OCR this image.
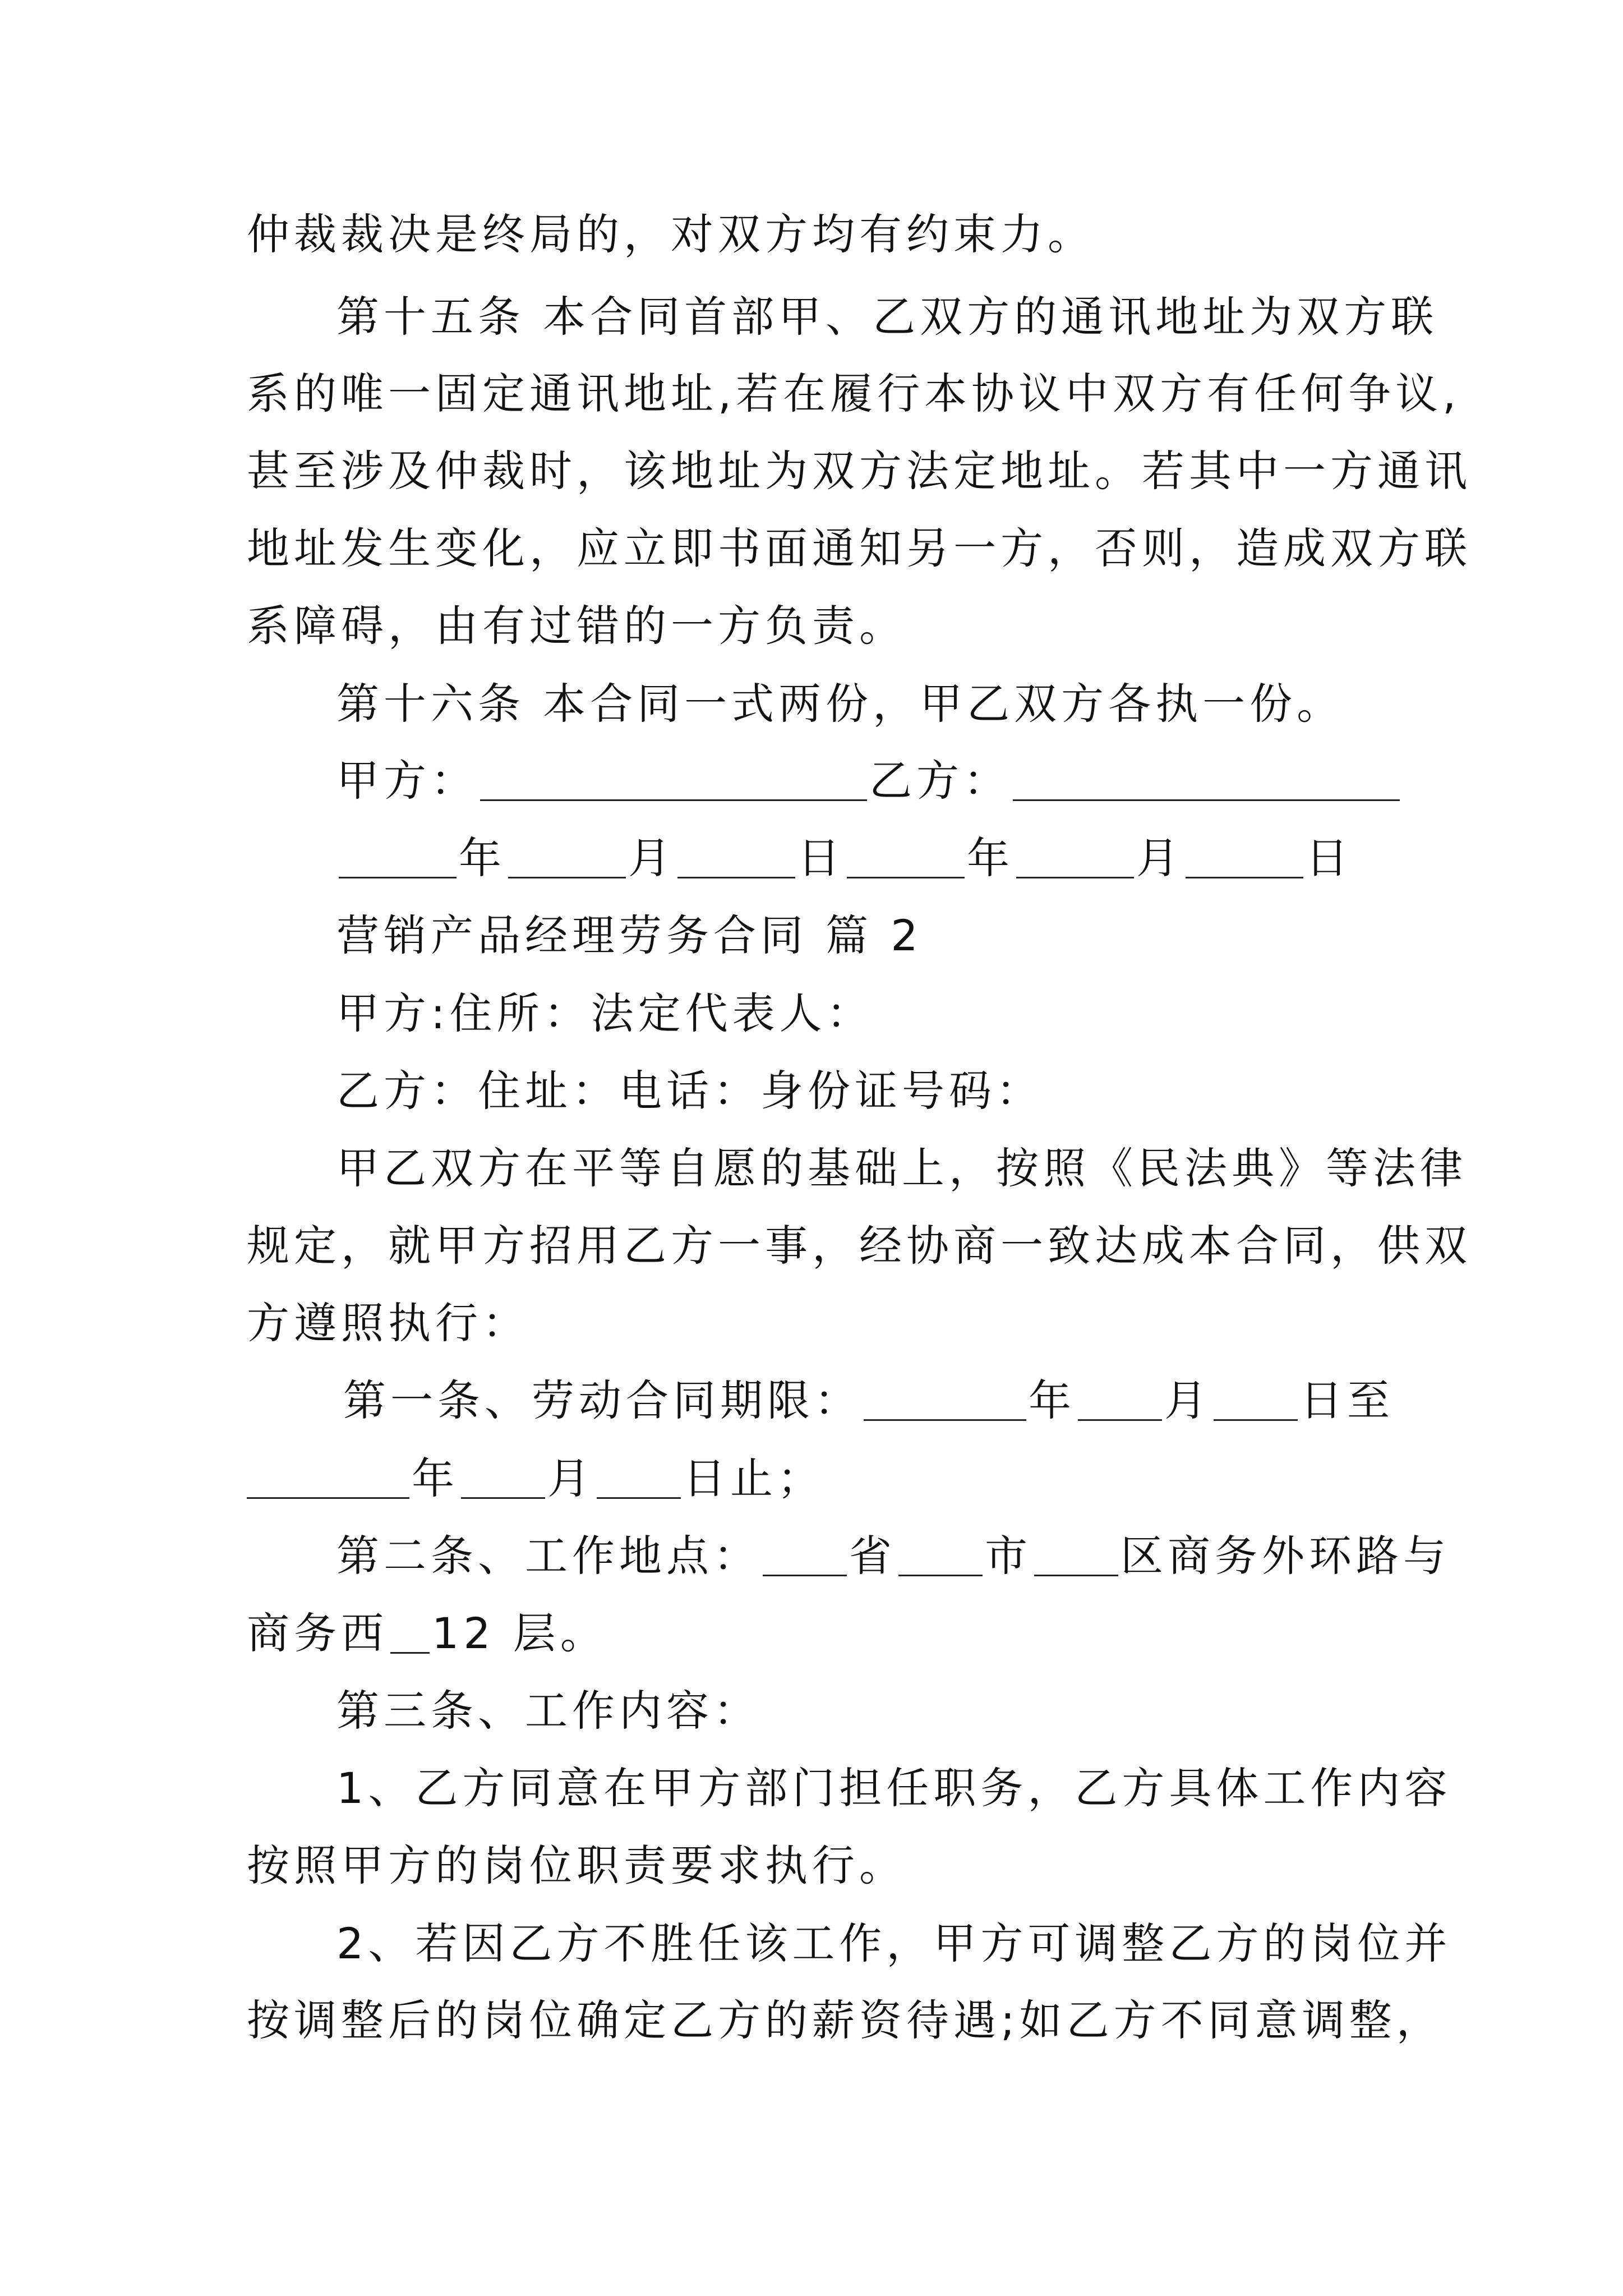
仲裁裁决是终局的，对双方均有约束力。
第十五条 本合同首部甲、乙双方的通讯地址为双方联
系的唯一固定通讯地址,若在履行本协议中双方有任何争议,
甚至涉及仲裁时，该地址为双方法定地址。若其中一方通讯
地址发生变化，应立即书面通知另一方，否则，造成双方联
系障碍，由有过错的一方负责。
第十六条 本合同一式两份，甲乙双方各执一份。
甲方：	乙方：
年	月	日	年	月	日
营销产品经理劳务合同 篇 2
甲方:住所：法定代表人：
乙方：住址：电话：身份证号码：
甲乙双方在平等自愿的基础上，按照《民法典》等法律
规定，就甲方招用乙方一事，经协商一致达成本合同，供双
方遵照执行：
第一条、劳动合同期限：	年 月 日至
年 月 日止；
第二条、工作地点： 省 市 区商务外环路与
商务西 12 层。
第三条、工作内容：
1、乙方同意在甲方部门担任职务，乙方具体工作内容
按照甲方的岗位职责要求执行。
2、若因乙方不胜任该工作，甲方可调整乙方的岗位并
按调整后的岗位确定乙方的薪资待遇;如乙方不同意调整，
